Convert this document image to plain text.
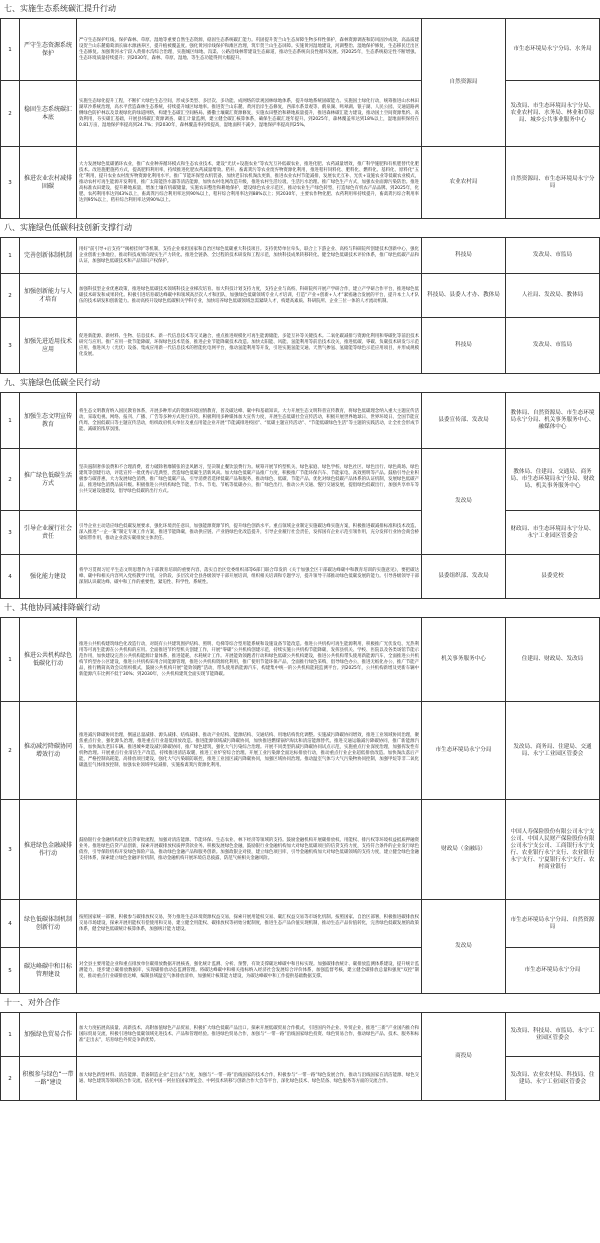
七、实施生态系统碳汇提升行动
1	严守生态资源系统保护	严守生态保护红线，保护森林、草原、湿地等重要自然生态资源，稳固生态系统碳汇能力。巩固提升贺兰山生态屏障生物多样性保护，森林资源调查和防风固沙成效，高品质建设贺兰山东麓葡萄酒长廊水源涵养区，提升植被覆盖度。强化黄河岸线保护和滩区治理，筑牢贺兰山生态屏障。实施黄河湿地建设，河湖整治、湿地保护修复，生态移民迁出区生态修复。加强黄河永宁段入黄排水沟综合治理，实施城区绿地、沟渠、公路沿线林带建设生态廊道，推动生态系统向良性循环发展。到2025年，生态系统稳定性不断增强。生态环境质量持续提升；到2030年，森林、草原、湿地、等生态功能得到大幅提升。	自然资源局	市生态环境局永宁分局、水务局
2	稳固生态系统碳汇本底	实施生态绿化提升工程，不断扩大绿色生态空间，形成多类型、多层次、多功能、成网络的景观园林绿地体系，提升绿地系统固碳能力。实施国土绿化行动，统筹推进山水林田湖草沙系统治理，高水平营造森林生态系统，持续提升城区绿地率。推进贺兰山东麓、黄河沿岸生态修复，西部水系景观等、鹤泉湖、鸣翠湖、银子湖、人民公园、交通道路两侧绿色防护林以及景观绿化的绿道网络，构建生态碳汇空间格局。播撒土壤碳汇资源修复，实施农田整治和耕地质量提升，推进森林碳汇能力建设，推动国土空间资源集约、高效利用，夯实碳汇基础，开展县域碳汇资源调查、碳汇计量监测，建立健全碳汇核算体系，确保生态碳汇逐年提升。到2025年，森林覆盖率达到18%以上，湿地面积保持在0.81万亩，湿地保护率提高到24.7%；到2030年，森林覆盖率持续提高，湿地面积不减少，湿地保护率提高到25%。		发改局、市生态环境局永宁分局、农业农村局、水务局、林业和草原局、城乡公共事业服务中心
3	推进农业农村减排固碳	大力发展绿色低碳循环农业，推广农业种养循环模式和生态农业技术，建设“光伏+设施农业”等农光互补低碳农业，推进化肥、农药减量增效，推广科学施肥和有机肥替代化肥技术。改进施肥施药方式，提高肥料利用率，持续推进化肥农药减量增效。秸秆、畜禽粪污等农业废弃物资源化利用，推进秸秆饲料化、肥料化、燃料化、基料化、原料化“五化”利用，提升农业农村废弃物资源化利用水平。推广节能环保型农机装备，加快老旧农机淘汰更新，推进农业农村节能减排，发展农光互补、光伏+设施农业等低碳农业模式，推动农村可再生能源开发利用，推广太阳能热水器等清洁能源，加快农村电网改造升级，推进农村生活垃圾、生活污水治理。推广绿色生产方式，加强农业面源污染防治。推进高标准农田建设，提升耕地质量，增加土壤有机碳储量。实施农田整治和耕地保护，建设绿色农业示范区，推动农业生产绿色转型，打造绿色有机农产品品牌。到2025年，化肥、农药利用率达到43%以上，畜禽粪污综合利用率达到90%以上，秸秆综合利用率达到88%以上；到2030年，主要农作物化肥、农药利用率持续提升，畜禽粪污综合利用率达到95%以上，秸秆综合利用率达到90%以上。	农业农村局	自然资源局、市生态环境局永宁分局
八、实施绿色低碳科技创新支撑行动
1	完善创新体制机制	用好“前引导+后支持”“揭榜挂帅”等机制，支持企业承担国家和自治区绿色低碳重大科技项目。支持优势单位牵头，联合上下游企业、高校与科研院所创建技术创新中心，强化企业创新主体地位，推动科技成果向现实生产力转化。推进全链条、全过程的技术研发和工程示范，加快科技成果转移转化。健全绿色低碳技术评价体系，推广绿色低碳产品和认证，加强绿色低碳技术和产品知识产权保护。	科技局	发改局、市监局
2	加强创新能力与人才培育	加强科技型企业优惠政策，推进绿色低碳技术领域科技企业梯次培育。加大科技计划支持力度，支持企业与高校、科研院所开展产学研合作，建立产学研合作平台，推进绿色低碳技术研发和成果转化。积极引进培育碳达峰碳中和领域高层次人才和团队，加强绿色低碳领域专业人才培训，打造“产业+创新+人才”紧密融合发展的平台，提升本土人才队伍的技术研发和创新能力。推动高校开设绿色低碳相关学科专业，加快培养绿色低碳领域急需紧缺人才，构建高素质、科研院所、企业三位一体的人才流动机制。	科技局、县委人才办、教体局	人社局、发改局、教体局
3	加强先进适用技术应用	促进新能源、新材料、生物、信息技术、新一代信息技术等交叉融合，重点推进规模化可再生能源储能、多能互补等关键技术。二氧化碳减排与资源化利用和零碳化等前沿技术研究与应用。推广应用一批节能降碳、环保绿色技术装备，推进企业节能降碳技术改造。加快太阳能、风能、氢能利用等前沿技术攻关，推进低碳、零碳、负碳技术研发与示范应用，推进风力（光伏）设备、集成应用新一代信息技术的智能化电网平台，推动氢能利用等开发，引进实施氢能交通、天然气掺氢、氢储能等绿色示范应用项目，并形成规模化发展。	科技局	发改局、市监局
九、实施绿色低碳全民行动
1	加强生态文明宣传教育	将生态文明教育纳入国民教育体系，开展多种形式的资源环境国情教育，普及碳达峰、碳中和基础知识。大力开展生态文明科普宣传教育，将绿色低碳理念纳入重大主题宣传活动，采取电视、网络、报刊、广播、广告等多种方式进行宣传。积极利用多种媒体加大宣传力度，开展生态低碳社会宣传活动，积极开展世界地球日、世界环境日、全国节能宣传周、全国低碳日等主题宣传活动，组织政府机关单位及重点用能企业开展“节能减排进校园”、“低碳主题宣传活动”、“节能低碳绿色生活”等主题的实践活动，让全社会形成节能、减碳的浓厚氛围。	县委宣传部、发改局	教体局、自然资源局、市生态环境局永宁分局、机关事务服务中心、融媒体中心
2	推广绿色低碳生活方式	坚决遏制奢侈浪费和不合理消费，着力破除奢靡铺张的歪风陋习，坚决制止餐饮浪费行为。统筹开展节约型机关、绿色家庭、绿色学校、绿色社区、绿色出行、绿色商场、绿色建筑等创建行动，评选宣传一批优秀示范典型，营造绿色低碳生活新风尚。加大绿色低碳产品推广力度，积极推广节能环保汽车、节能家电、高效照明等产品。鼓励引导企业积极参与碳普惠，大力发展绿色消费，推广绿色低碳产品，引导消费者选择低碳产品和服务，推动绿色、低碳、节能产品、优化对绿色低碳产品体系的认证机制，发展绿色低碳产品，推进绿色消费品质升级。积极推进公共机构绿色节能、节水、节电、节纸等低碳办公，推广绿色出行，推动公共交通、慢行交通发展，提倡绿色低碳出行，加强共享单车等公共交通设施建设，倡导绿色低碳的出行方式。	发改局	教体局、住建局、交通局、商务局、市生态环境局永宁分局、财政局、机关事务服务中心
3	引导企业履行社会责任	引导企业主动适应绿色低碳发展要求，强化环境责任意识，加强能源资源节约，提升绿色创新水平。重点领域企业制定实施碳达峰实施方案，积极推进碳减排标准和技术改造。深入推进“一企一策”制定专项工作方案，推进节能降碳，推动供应链、产业链绿色化改造提升，引导企业履行社会责任，发挥国有企业示范引领作用，充分发挥行业协会商会桥梁纽带作用，推动企业落实碳排放主体责任。		财政局、市生态环境局永宁分局、永宁工业园区管委会
4	强化能力建设	将学习贯彻习近平生态文明思想作为干部教育培训的重要内容，落实自治区党委组织部等6部门联合印发的《关于加强全区干部碳达峰碳中和教育培训的实施意见》，要把碳达峰、碳中和相关内容列入党校教学计划，分阶段、多层次对全县各级领导干部开展培训，组织相关培训和专题学习，提升领导干部推动绿色低碳发展的能力。引导各级领导干部深刻认识碳达峰、碳中和工作的重要性、紧迫性、科学性、系统性。	县委组织部、发改局	县委党校
十、其他协同减排降碳行动
1	推进公共机构绿色低碳化行动	推进公共机构建筑绿色化改造行动，对既有公共建筑围护结构、照明、电梯等综合型用能系统和设施设备节能改造。推进公共机构可再生能源利用，积极推广光伏发电、光热利用等可再生能源在公共机构的应用。全面推进节约型机关创建工作，开展“零碳”公共机构创建示范，持续实施公共机构节能降碳，发挥县机关、学校、医院以及各类场馆节能示范作用，加快建设完善公共机构能源计量体系，推进能耗、水耗统计工作。开展能效领跑者行动和绿色低碳公共机构建设，推进公共机构带头使用新能源汽车，全面推进公共机构节约型办公区建设，推进公共机构采用合同能源管理，推进公共机构资源化利用，推广使用节能环保产品，全面推行绿色采购，倡导绿色办公，推进无纸化办公，推广节能产品，推行精简高效会议组织模式，鼓励公共机构开展“能效领跑”活动，带头使用新能源汽车，构建集中统一的公共机构能耗监测平台。到2025年，公共机构新增及更新车辆中新能源汽车比例不低于30%；到2030年，公共机构建筑全面实现节能降碳。	机关事务服务中心	住建局、财政局、发改局
2	推动减污降碳协同增效行动	推进减污降碳协同治理，倒逼总量减排、源头减排、结构减排、推动产业结构、能源结构、交通结构、用地结构优化调整。实施减污降碳协同增效，推进工业领域协同治理，聚焦重点行业，强化源头治理，推进重点行业超低排放改造。推进能源领域减污降碳协同，加快推进燃煤锅炉淘汰和清洁能源替代。推进交通运输减污降碳协同，推广新能源汽车，加快淘汰老旧车辆。推进城乡建设减污降碳协同，推广绿色建筑，强化大气污染综合治理。开展不同类型的减污降碳协同试点示范，实施重点行业深度治理，加强挥发性有机物治理。开展重点行业清洁生产改造，持续推进清洁取暖，推进工业炉窑综合治理。开展工业污染源全面达标排放行动，推动重点行业企业超低排放改造。加快淘汰落后产能，严格控制高耗能、高排放项目建设，强化大气污染联防联控，推进工业园区减污降碳协同，加强区域协同治理。推动温室气体与大气污染物协同控制，加强甲烷等非二氧化碳温室气体排放控制，加强农业领域甲烷减排，实施畜禽粪污资源化利用。	市生态环境局永宁分局	发改局、商务局、住建局、交通局、永宁工业园区管委会
3	推进绿色金融减排作行动	鼓励银行业金融机构优化信贷审批流程，加强对清洁能源、节能环保、生态农业、林下经济等领域的支持。鼓励金融机构开展碳排放权、用能权、排污权等环境权益抵质押融资业务。推进绿色信贷产品创新，探索开展碳排放权质押贷款业务。积极发展绿色金融，鼓励银行业金融机构加大对绿色低碳项目的信贷支持力度，支持符合条件的企业发行绿色债券，引导保险机构开发绿色保险产品，推动绿色金融产品和服务创新。加强政银企对接，建立绿色项目库，引导金融机构加大对绿色低碳领域的支持力度，建立健全绿色金融支持体系，探索建立绿色金融评价机制，推动金融机构开展环境信息披露，防范气候相关金融风险。	财政局（金融局）	中国人寿保险股份有限公司永宁支公司、中国人民财产保险股份有限公司永宁支公司、工商银行永宁支行、农业银行永宁支行、农业银行永宁支行、宁夏银行永宁支行、农村商业银行
4	绿色低碳体制机制创新行动	按照国家统一部署，积极参与碳排放权交易，努力推进生态环境资源权益交易，探索开展用能权交易、碳汇权益交易等市场化机制。按照国家、自治区部署，积极推进碳排放权交易市场建设，探索开展用能权有偿使用和交易，建立健全用能权、碳排放权等初始分配制度，推进生态产品价值实现机制，推动生态产品价值转化，完善绿色低碳发展的政策体系，健全绿色低碳统计核算体系，加强统计能力建设。	发改局	市生态环境局永宁分局、自然资源局
5	碳达峰碳中和目标管理建设	对全县主要用能企业和重点排放单位碳排放数据开展核查，强化统计监测、分析、预警，有效支撑碳达峰碳中和目标实现。加强碳排放统计、碳排放监测体系建设，提升统计监测能力，逐步建立碳排放数据库，实现碳排放动态监测管理。将碳达峰碳中和相关指标纳入经济社会发展综合评价体系，加强监督考核，建立健全碳排放总量和强度“双控”制度，推动重点行业碳排放达峰，编制县域温室气体排放清单，加强统计核算能力建设，为碳达峰碳中和工作提供基础数据支撑。		市生态环境局永宁分局
十一、对外合作
1	加强绿色贸易合作	加大力度拓展高质量、高新技术、高附加值绿色产品贸易，积极扩大绿色低碳产品出口。探索开展低碳贸易合作模式，引进国内外企业、外贸企业，推进“三新”产业国内推介和国际贸易交流，积极引进绿色低碳领域先进技术、产品和管理经验。推进绿色贸易合作，加强与“一带一路”沿线国家绿色投资、绿色贸易合作，推动绿色产品、技术、服务和标准“走出去”，培育绿色外贸竞争新优势。	商投局	发改局、科技局、市监局、永宁工业园区管委会
2	积极参与绿色“一带一路”建设	加大绿色新型材料、清洁能源、装备制造企业“走出去”力度，加强与“一带一路”沿线国家的技术合作，积极参与“一带一路”绿色发展合作，推动与沿线国家在清洁能源、绿色交通、绿色建筑等领域的合作交流，依托中国一阿拉伯国家博览会、中阿技术转移与创新合作大会等平台，深化绿色技术、绿色装备、绿色服务等方面的交流合作。		发改局、农业农村局、科技局、住建局、永宁工业园区管委会
